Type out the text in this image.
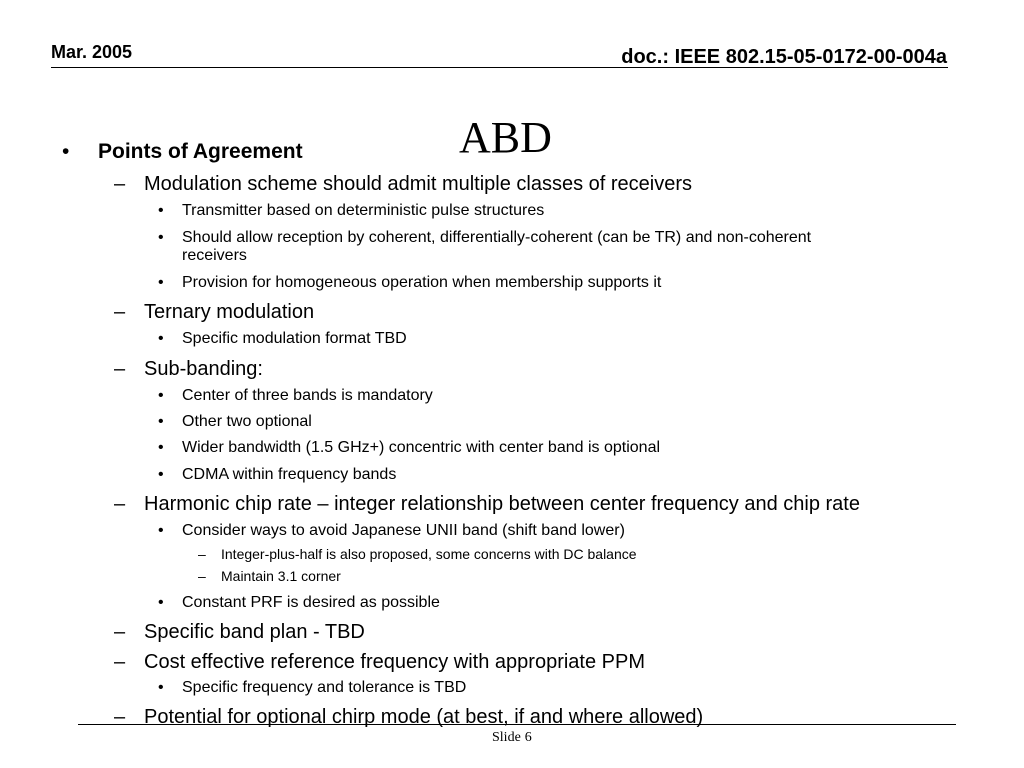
Mar. 2005	doc.: IEEE 802.15-05-0172-00-004a
ABD
• Points of Agreement
– Modulation scheme should admit multiple classes of receivers
• Transmitter based on deterministic pulse structures
• Should allow reception by coherent, differentially-coherent (can be TR) and non-coherent
receivers
• Provision for homogeneous operation when membership supports it
– Ternary modulation
• Specific modulation format TBD
– Sub-banding:
• Center of three bands is mandatory
• Other two optional
• Wider bandwidth (1.5 GHz+) concentric with center band is optional
• CDMA within frequency bands
– Harmonic chip rate – integer relationship between center frequency and chip rate
• Consider ways to avoid Japanese UNII band (shift band lower)
– Integer-plus-half is also proposed, some concerns with DC balance
– Maintain 3.1 corner
• Constant PRF is desired as possible
– Specific band plan - TBD
– Cost effective reference frequency with appropriate PPM
• Specific frequency and tolerance is TBD
– Potential for optional chirp mode (at best, if and where allowed)
Slide 6
